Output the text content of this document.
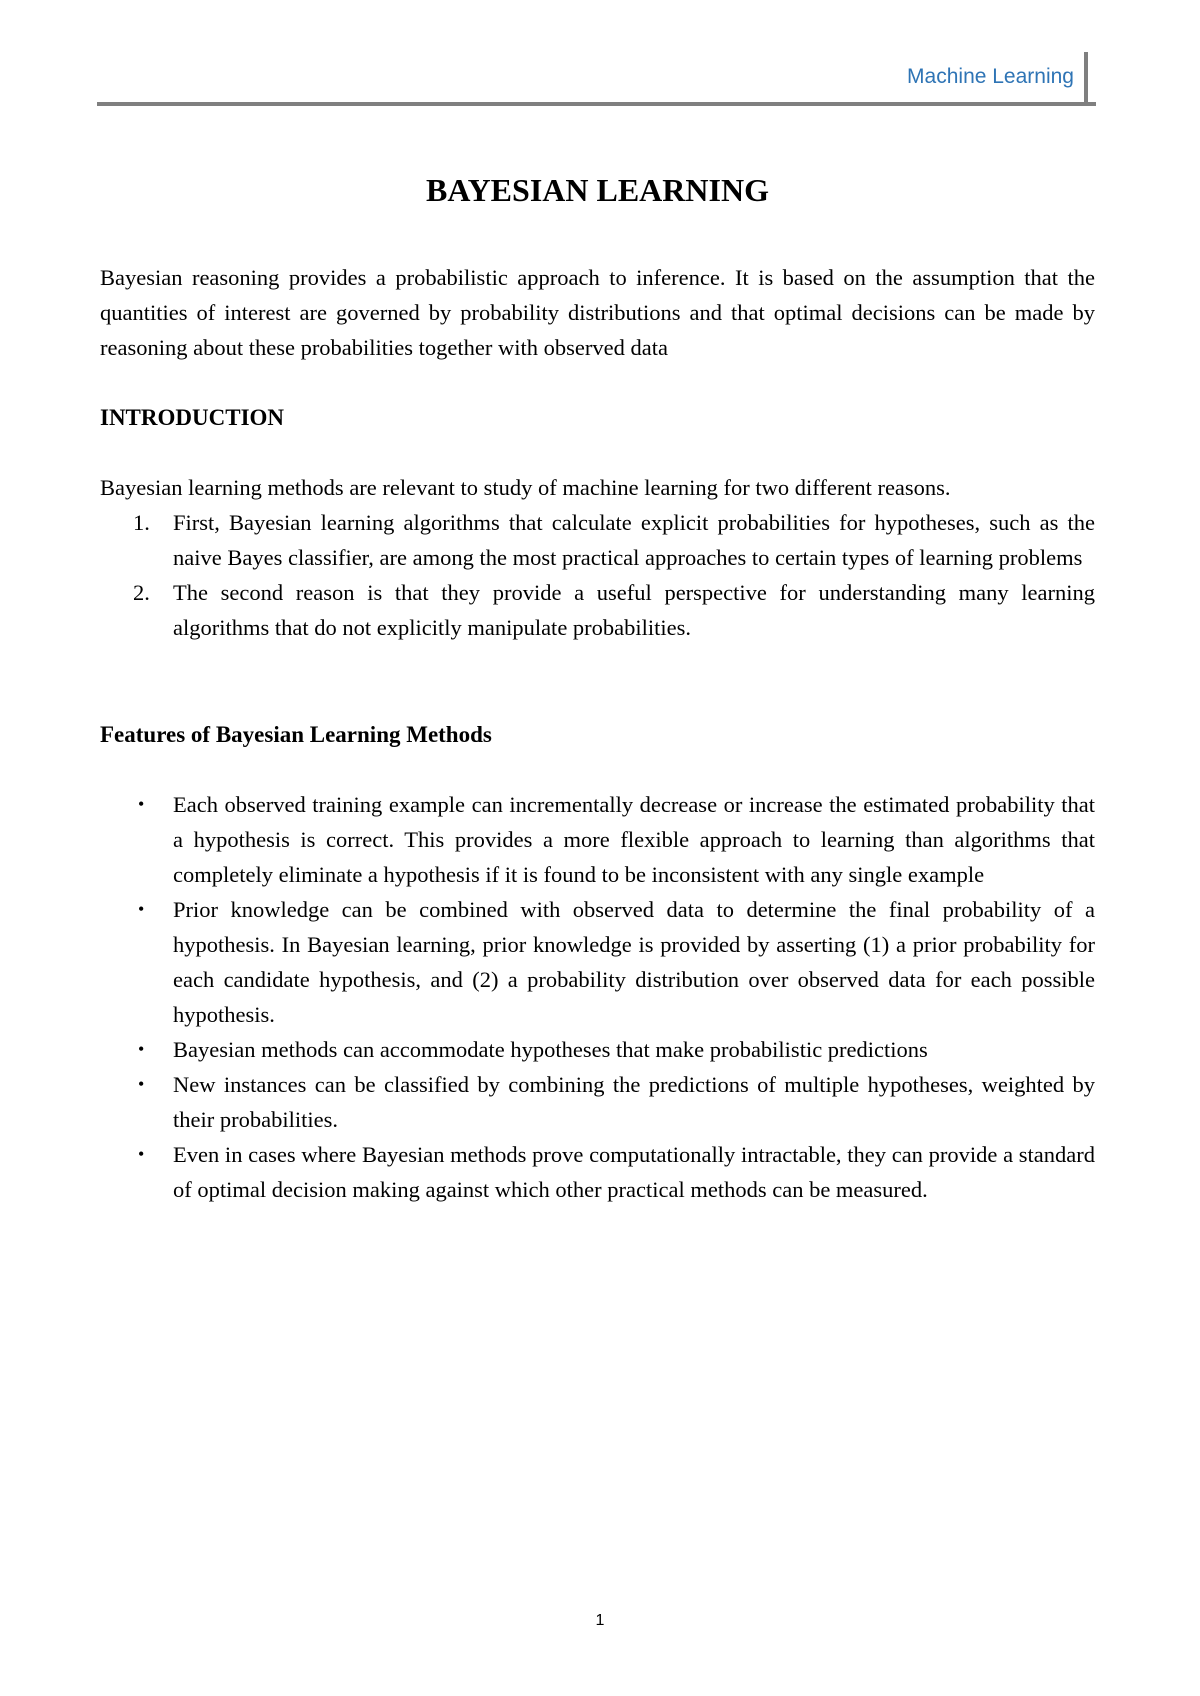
Machine Learning
BAYESIAN LEARNING

Bayesian reasoning provides a probabilistic approach to inference. It is based on the assumption that the quantities of interest are governed by probability distributions and that optimal decisions can be made by reasoning about these probabilities together with observed data

INTRODUCTION

Bayesian learning methods are relevant to study of machine learning for two different reasons.

1. First, Bayesian learning algorithms that calculate explicit probabilities for hypotheses, such as the naive Bayes classifier, are among the most practical approaches to certain types of learning problems
2. The second reason is that they provide a useful perspective for understanding many learning algorithms that do not explicitly manipulate probabilities.
Features of Bayesian Learning Methods
• Each observed training example can incrementally decrease or increase the estimated probability that a hypothesis is correct. This provides a more flexible approach to learning than algorithms that completely eliminate a hypothesis if it is found to be inconsistent with any single example
• Prior knowledge can be combined with observed data to determine the final probability of a hypothesis. In Bayesian learning, prior knowledge is provided by asserting (1) a prior probability for each candidate hypothesis, and (2) a probability distribution over observed data for each possible hypothesis.
• Bayesian methods can accommodate hypotheses that make probabilistic predictions
• New instances can be classified by combining the predictions of multiple hypotheses, weighted by their probabilities.
• Even in cases where Bayesian methods prove computationally intractable, they can provide a standard of optimal decision making against which other practical methods can be measured.
1
